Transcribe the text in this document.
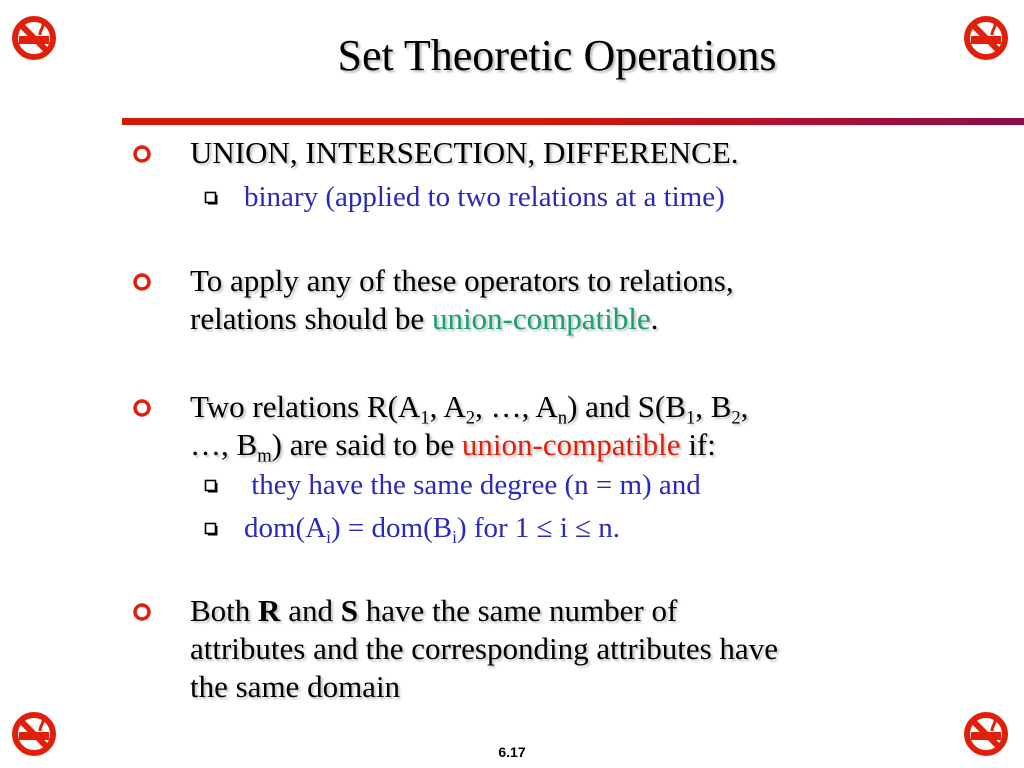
Set Theoretic Operations
UNION, INTERSECTION, DIFFERENCE.
binary (applied to two relations at a time)
To apply any of these operators to relations,
relations should be union-compatible.
Two relations $R(A_1$, $A_2$, …, $A_n$) and $S(B_1$, $B_2$,
…, $B_m$) are said to be union-compatible if:
they have the same degree (n = m) and
$dom(A_i) = dom(B_i)$ for 1 ≤ i ≤ n.
Both R and S have the same number of
attributes and the corresponding attributes have
the same domain
6.17
